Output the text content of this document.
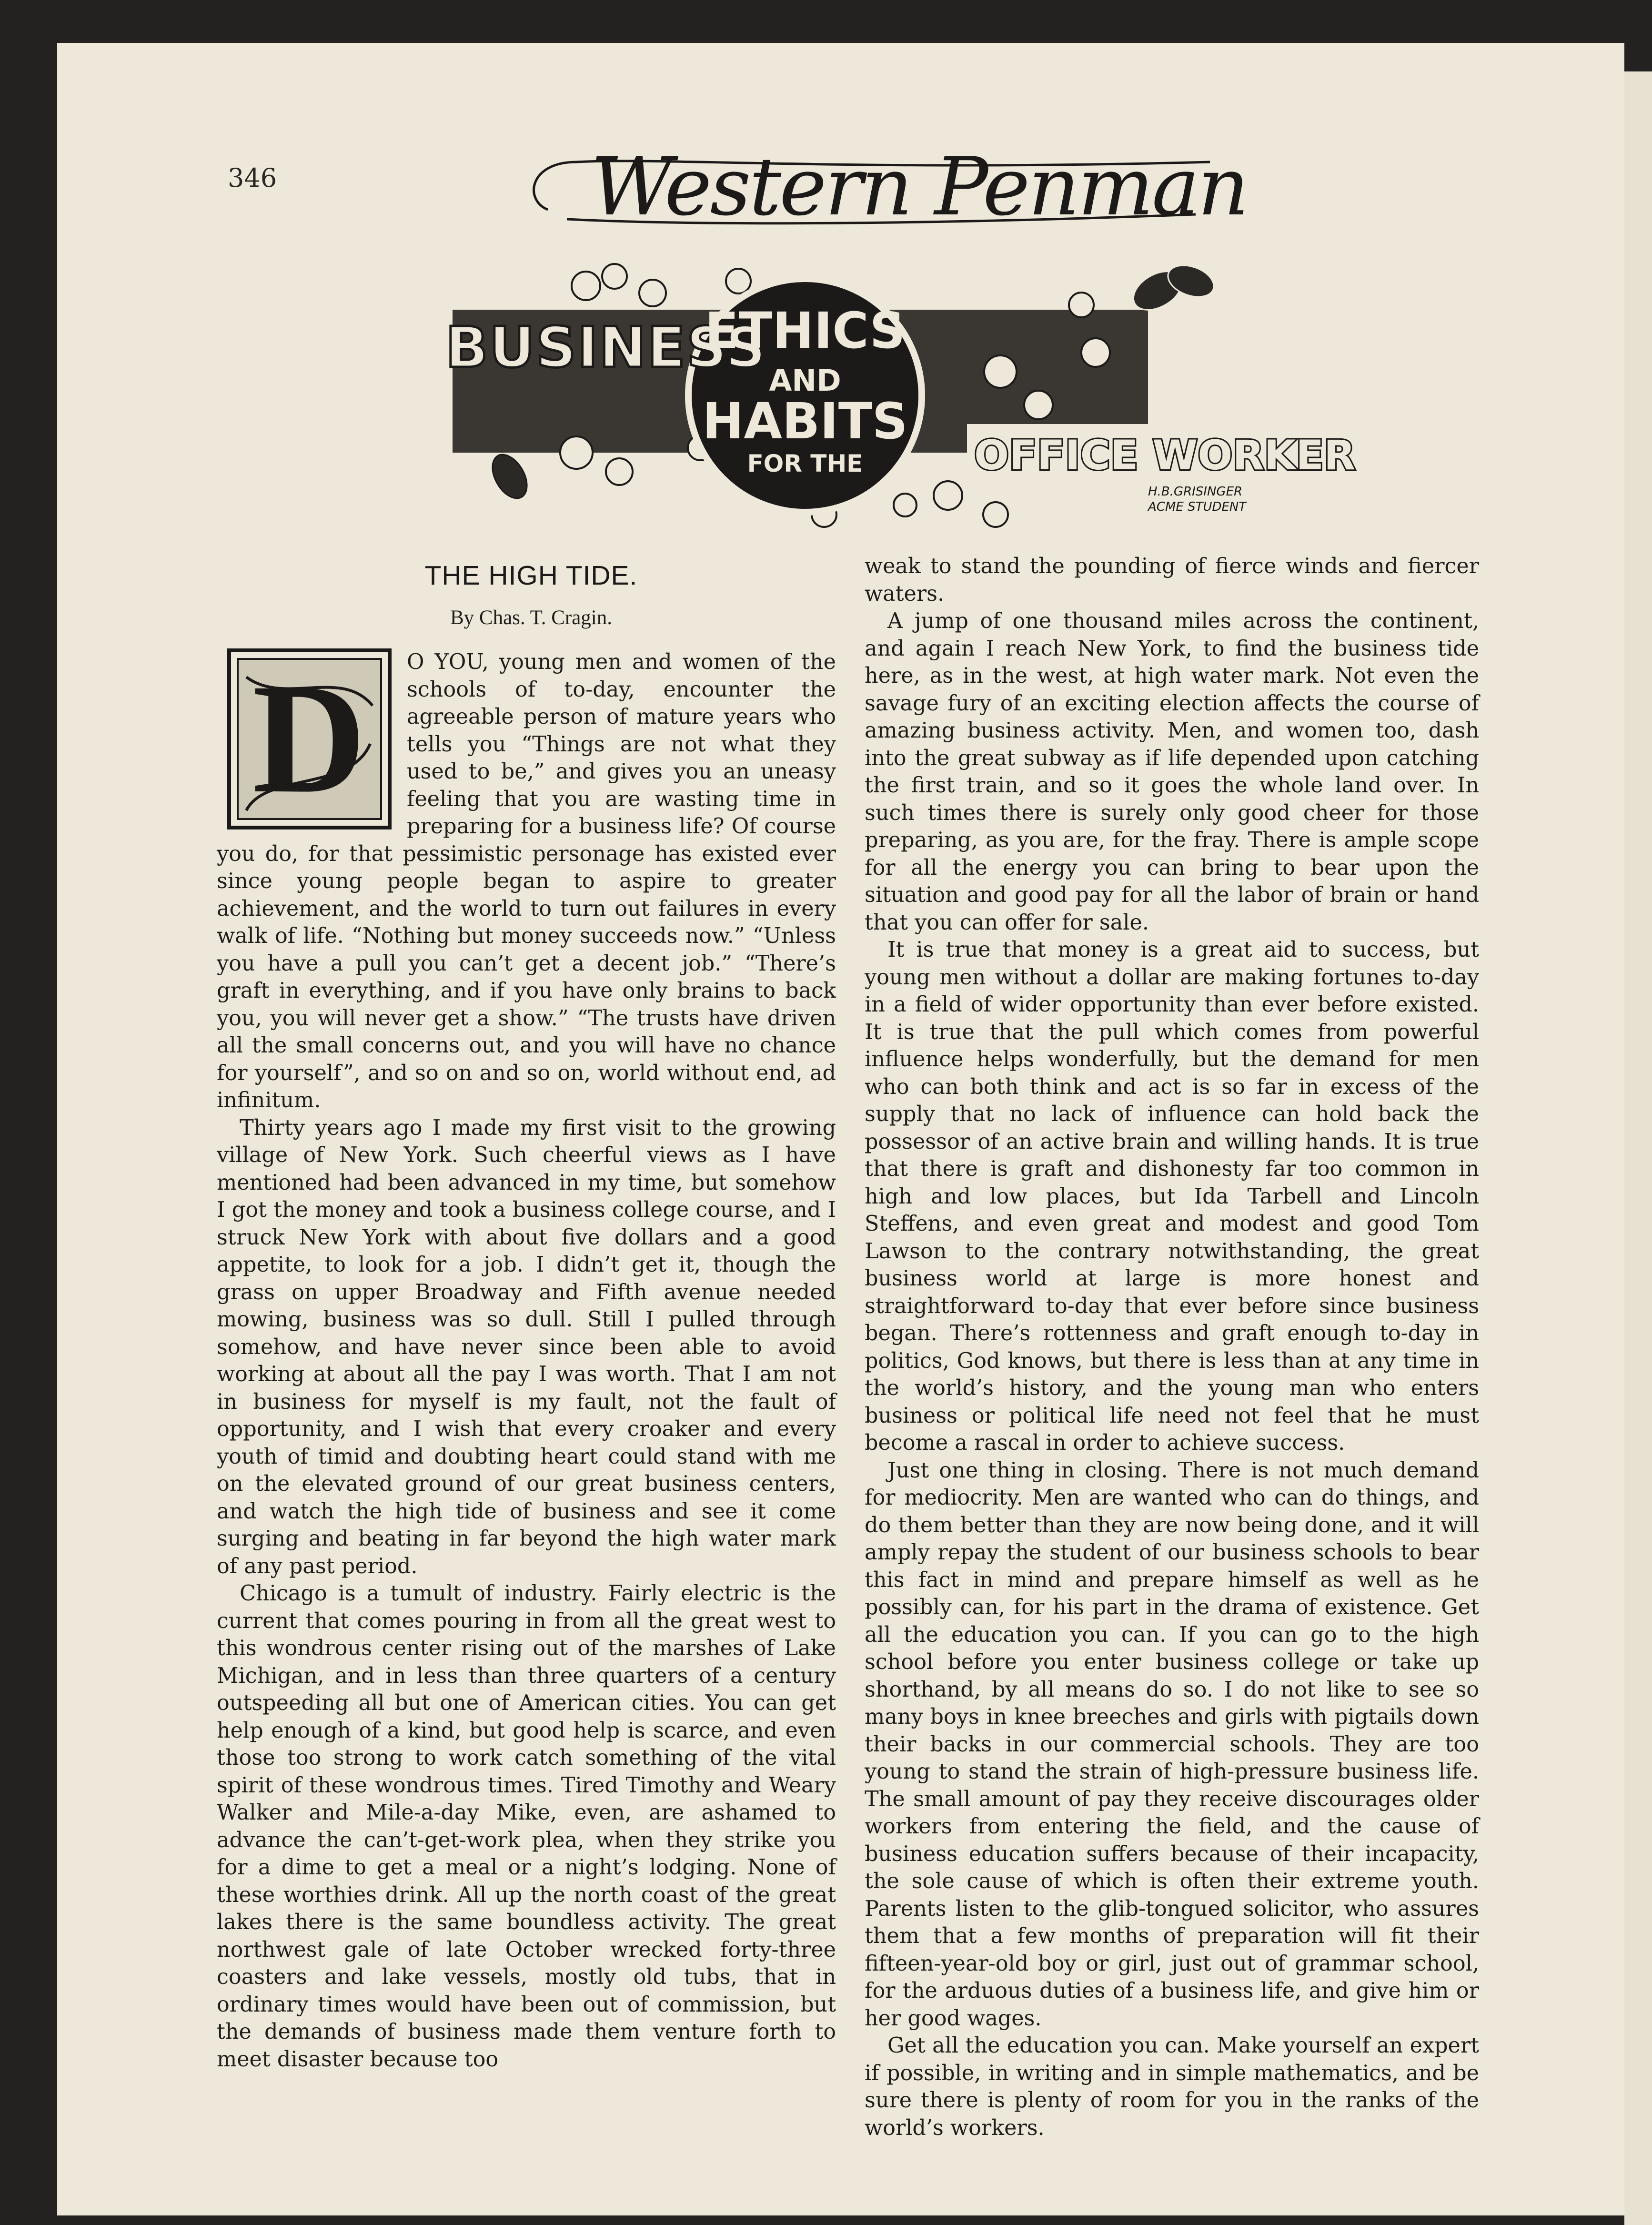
346	Western Penman
BUSINESS
ETHICS
AND
HABITS
FOR THE	OFFICE WORKER
H.B.GRISINGER
ACME STUDENT
THE HIGH TIDE.
By Chas. T. Cragin.
D	O YOU, young men and women of the schools of to-day, encounter the agreeable person of mature years who tells you “Things are not what they used to be,” and gives you an uneasy feeling that you are wasting time in preparing for a business life? Of course you do, for that pessimistic personage has existed ever since young people began to aspire to greater achievement, and the world to turn out failures in every walk of life. “Nothing but money succeeds now.” “Unless you have a pull you can’t get a decent job.” “There’s graft in everything, and if you have only brains to back you, you will never get a show.” “The trusts have driven all the small concerns out, and you will have no chance for yourself”, and so on and so on, world without end, ad infinitum.

Thirty years ago I made my first visit to the growing village of New York. Such cheerful views as I have mentioned had been advanced in my time, but somehow I got the money and took a business college course, and I struck New York with about five dollars and a good appetite, to look for a job. I didn’t get it, though the grass on upper Broadway and Fifth avenue needed mowing, business was so dull. Still I pulled through somehow, and have never since been able to avoid working at about all the pay I was worth. That I am not in business for myself is my fault, not the fault of opportunity, and I wish that every croaker and every youth of timid and doubting heart could stand with me on the elevated ground of our great business centers, and watch the high tide of business and see it come surging and beating in far beyond the high water mark of any past period.

Chicago is a tumult of industry. Fairly electric is the current that comes pouring in from all the great west to this wondrous center rising out of the marshes of Lake Michigan, and in less than three quarters of a century outspeeding all but one of American cities. You can get help enough of a kind, but good help is scarce, and even those too strong to work catch something of the vital spirit of these wondrous times. Tired Timothy and Weary Walker and Mile-a-day Mike, even, are ashamed to advance the can’t-get-work plea, when they strike you for a dime to get a meal or a night’s lodging. None of these worthies drink. All up the north coast of the great lakes there is the same boundless activity. The great northwest gale of late October wrecked forty-three coasters and lake vessels, mostly old tubs, that in ordinary times would have been out of commission, but the demands of business made them venture forth to meet disaster because too

weak to stand the pounding of fierce winds and fiercer waters.

A jump of one thousand miles across the continent, and again I reach New York, to find the business tide here, as in the west, at high water mark. Not even the savage fury of an exciting election affects the course of amazing business activity. Men, and women too, dash into the great subway as if life depended upon catching the first train, and so it goes the whole land over. In such times there is surely only good cheer for those preparing, as you are, for the fray. There is ample scope for all the energy you can bring to bear upon the situation and good pay for all the labor of brain or hand that you can offer for sale.

It is true that money is a great aid to success, but young men without a dollar are making fortunes to-day in a field of wider opportunity than ever before existed. It is true that the pull which comes from powerful influence helps wonderfully, but the demand for men who can both think and act is so far in excess of the supply that no lack of influence can hold back the possessor of an active brain and willing hands. It is true that there is graft and dishonesty far too common in high and low places, but Ida Tarbell and Lincoln Steffens, and even great and modest and good Tom Lawson to the contrary notwithstanding, the great business world at large is more honest and straightforward to-day that ever before since business began. There’s rottenness and graft enough to-day in politics, God knows, but there is less than at any time in the world’s history, and the young man who enters business or political life need not feel that he must become a rascal in order to achieve success.

Just one thing in closing. There is not much demand for mediocrity. Men are wanted who can do things, and do them better than they are now being done, and it will amply repay the student of our business schools to bear this fact in mind and prepare himself as well as he possibly can, for his part in the drama of existence. Get all the education you can. If you can go to the high school before you enter business college or take up shorthand, by all means do so. I do not like to see so many boys in knee breeches and girls with pigtails down their backs in our commercial schools. They are too young to stand the strain of high-pressure business life. The small amount of pay they receive discourages older workers from entering the field, and the cause of business education suffers because of their incapacity, the sole cause of which is often their extreme youth. Parents listen to the glib-tongued solicitor, who assures them that a few months of preparation will fit their fifteen-year-old boy or girl, just out of grammar school, for the arduous duties of a business life, and give him or her good wages.

Get all the education you can. Make yourself an expert if possible, in writing and in simple mathematics, and be sure there is plenty of room for you in the ranks of the world’s workers.
